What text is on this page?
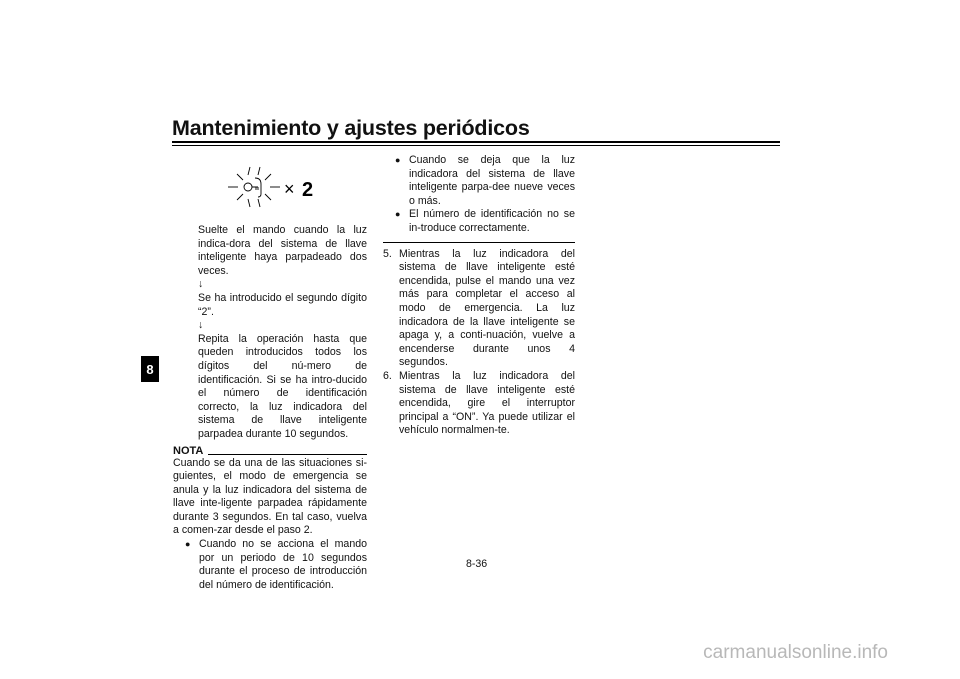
Mantenimiento y ajustes periódicos
8
× 2

Suelte el mando cuando la luz indica-dora del sistema de llave inteligente haya parpadeado dos veces.

↓

Se ha introducido el segundo dígito “2”.

↓

Repita la operación hasta que queden introducidos todos los dígitos del nú-mero de identificación. Si se ha intro-ducido el número de identificación correcto, la luz indicadora del sistema de llave inteligente parpadea durante 10 segundos.

NOTA

Cuando se da una de las situaciones si-guientes, el modo de emergencia se anula y la luz indicadora del sistema de llave inte-ligente parpadea rápidamente durante 3 segundos. En tal caso, vuelva a comen-zar desde el paso 2.

● Cuando no se acciona el mando por un periodo de 10 segundos durante el proceso de introducción del número de identificación.

● Cuando se deja que la luz indicadora del sistema de llave inteligente parpa-dee nueve veces o más.

● El número de identificación no se in-troduce correctamente.

5. Mientras la luz indicadora del sistema de llave inteligente esté encendida, pulse el mando una vez más para completar el acceso al modo de emergencia. La luz indicadora de la llave inteligente se apaga y, a conti-nuación, vuelve a encenderse durante unos 4 segundos.

6. Mientras la luz indicadora del sistema de llave inteligente esté encendida, gire el interruptor principal a “ON”. Ya puede utilizar el vehículo normalmen-te.

8-36
carmanualsonline.info
